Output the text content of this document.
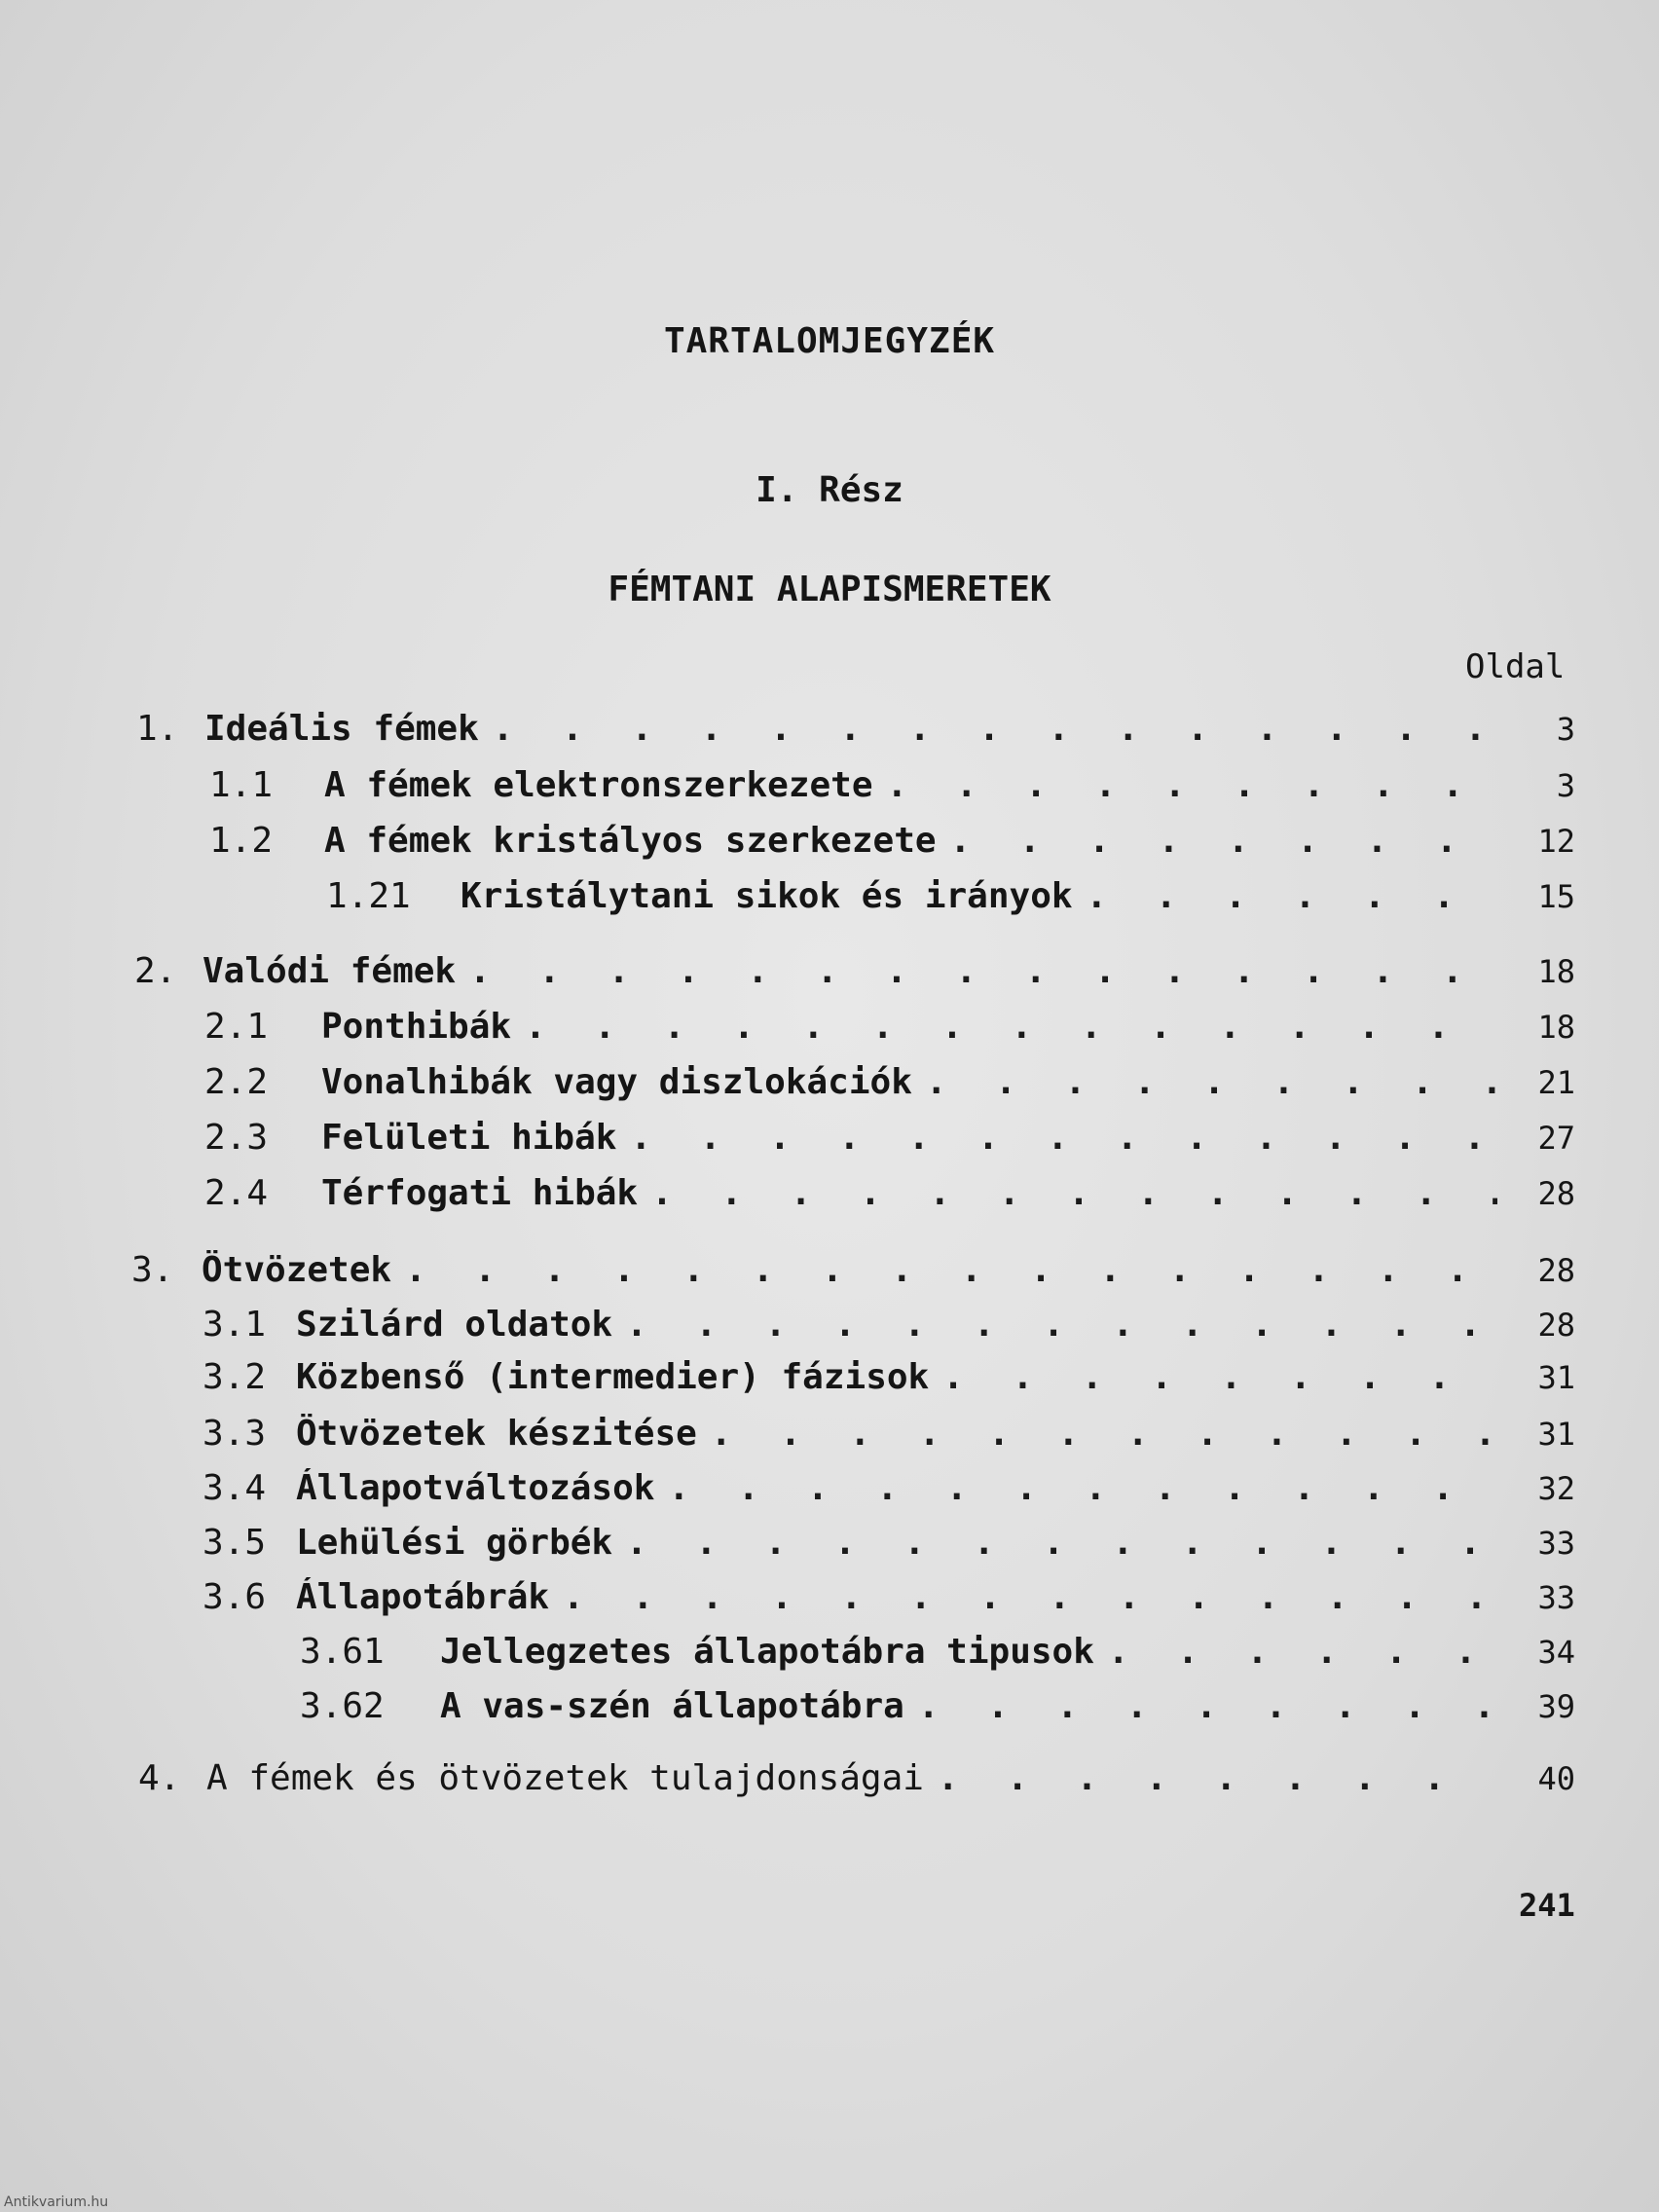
TARTALOMJEGYZÉK
I. Rész
FÉMTANI ALAPISMERETEK
Oldal
1. Ideális fémek . . .	3
1.1	A fémek elektronszerkezete . . .	3
1.2	A fémek kristályos szerkezete . . .	12
1.21	Kristálytani sikok és irányok . . .	15
2. Valódi fémek . . .	18
2.1	Ponthibák . . .	18
2.2	Vonalhibák vagy diszlokációk . . .	21
2.3	Felületi hibák . . .	27
2.4	Térfogati hibák . . .	28
3. Ötvözetek . . .	28
3.1 Szilárd oldatok . . .	28
3.2 Közbenső (intermedier) fázisok . . .	31
3.3 Ötvözetek készitése . . .	31
3.4 Állapotváltozások . . .	32
3.5 Lehülési görbék . . .	33
3.6 Állapotábrák . . .	33
3.61	Jellegzetes állapotábra tipusok . . .	34
3.62	A vas-szén állapotábra . . .	39
4. A fémek és ötvözetek tulajdonságai . . .	40
241
Antikvarium.hu
